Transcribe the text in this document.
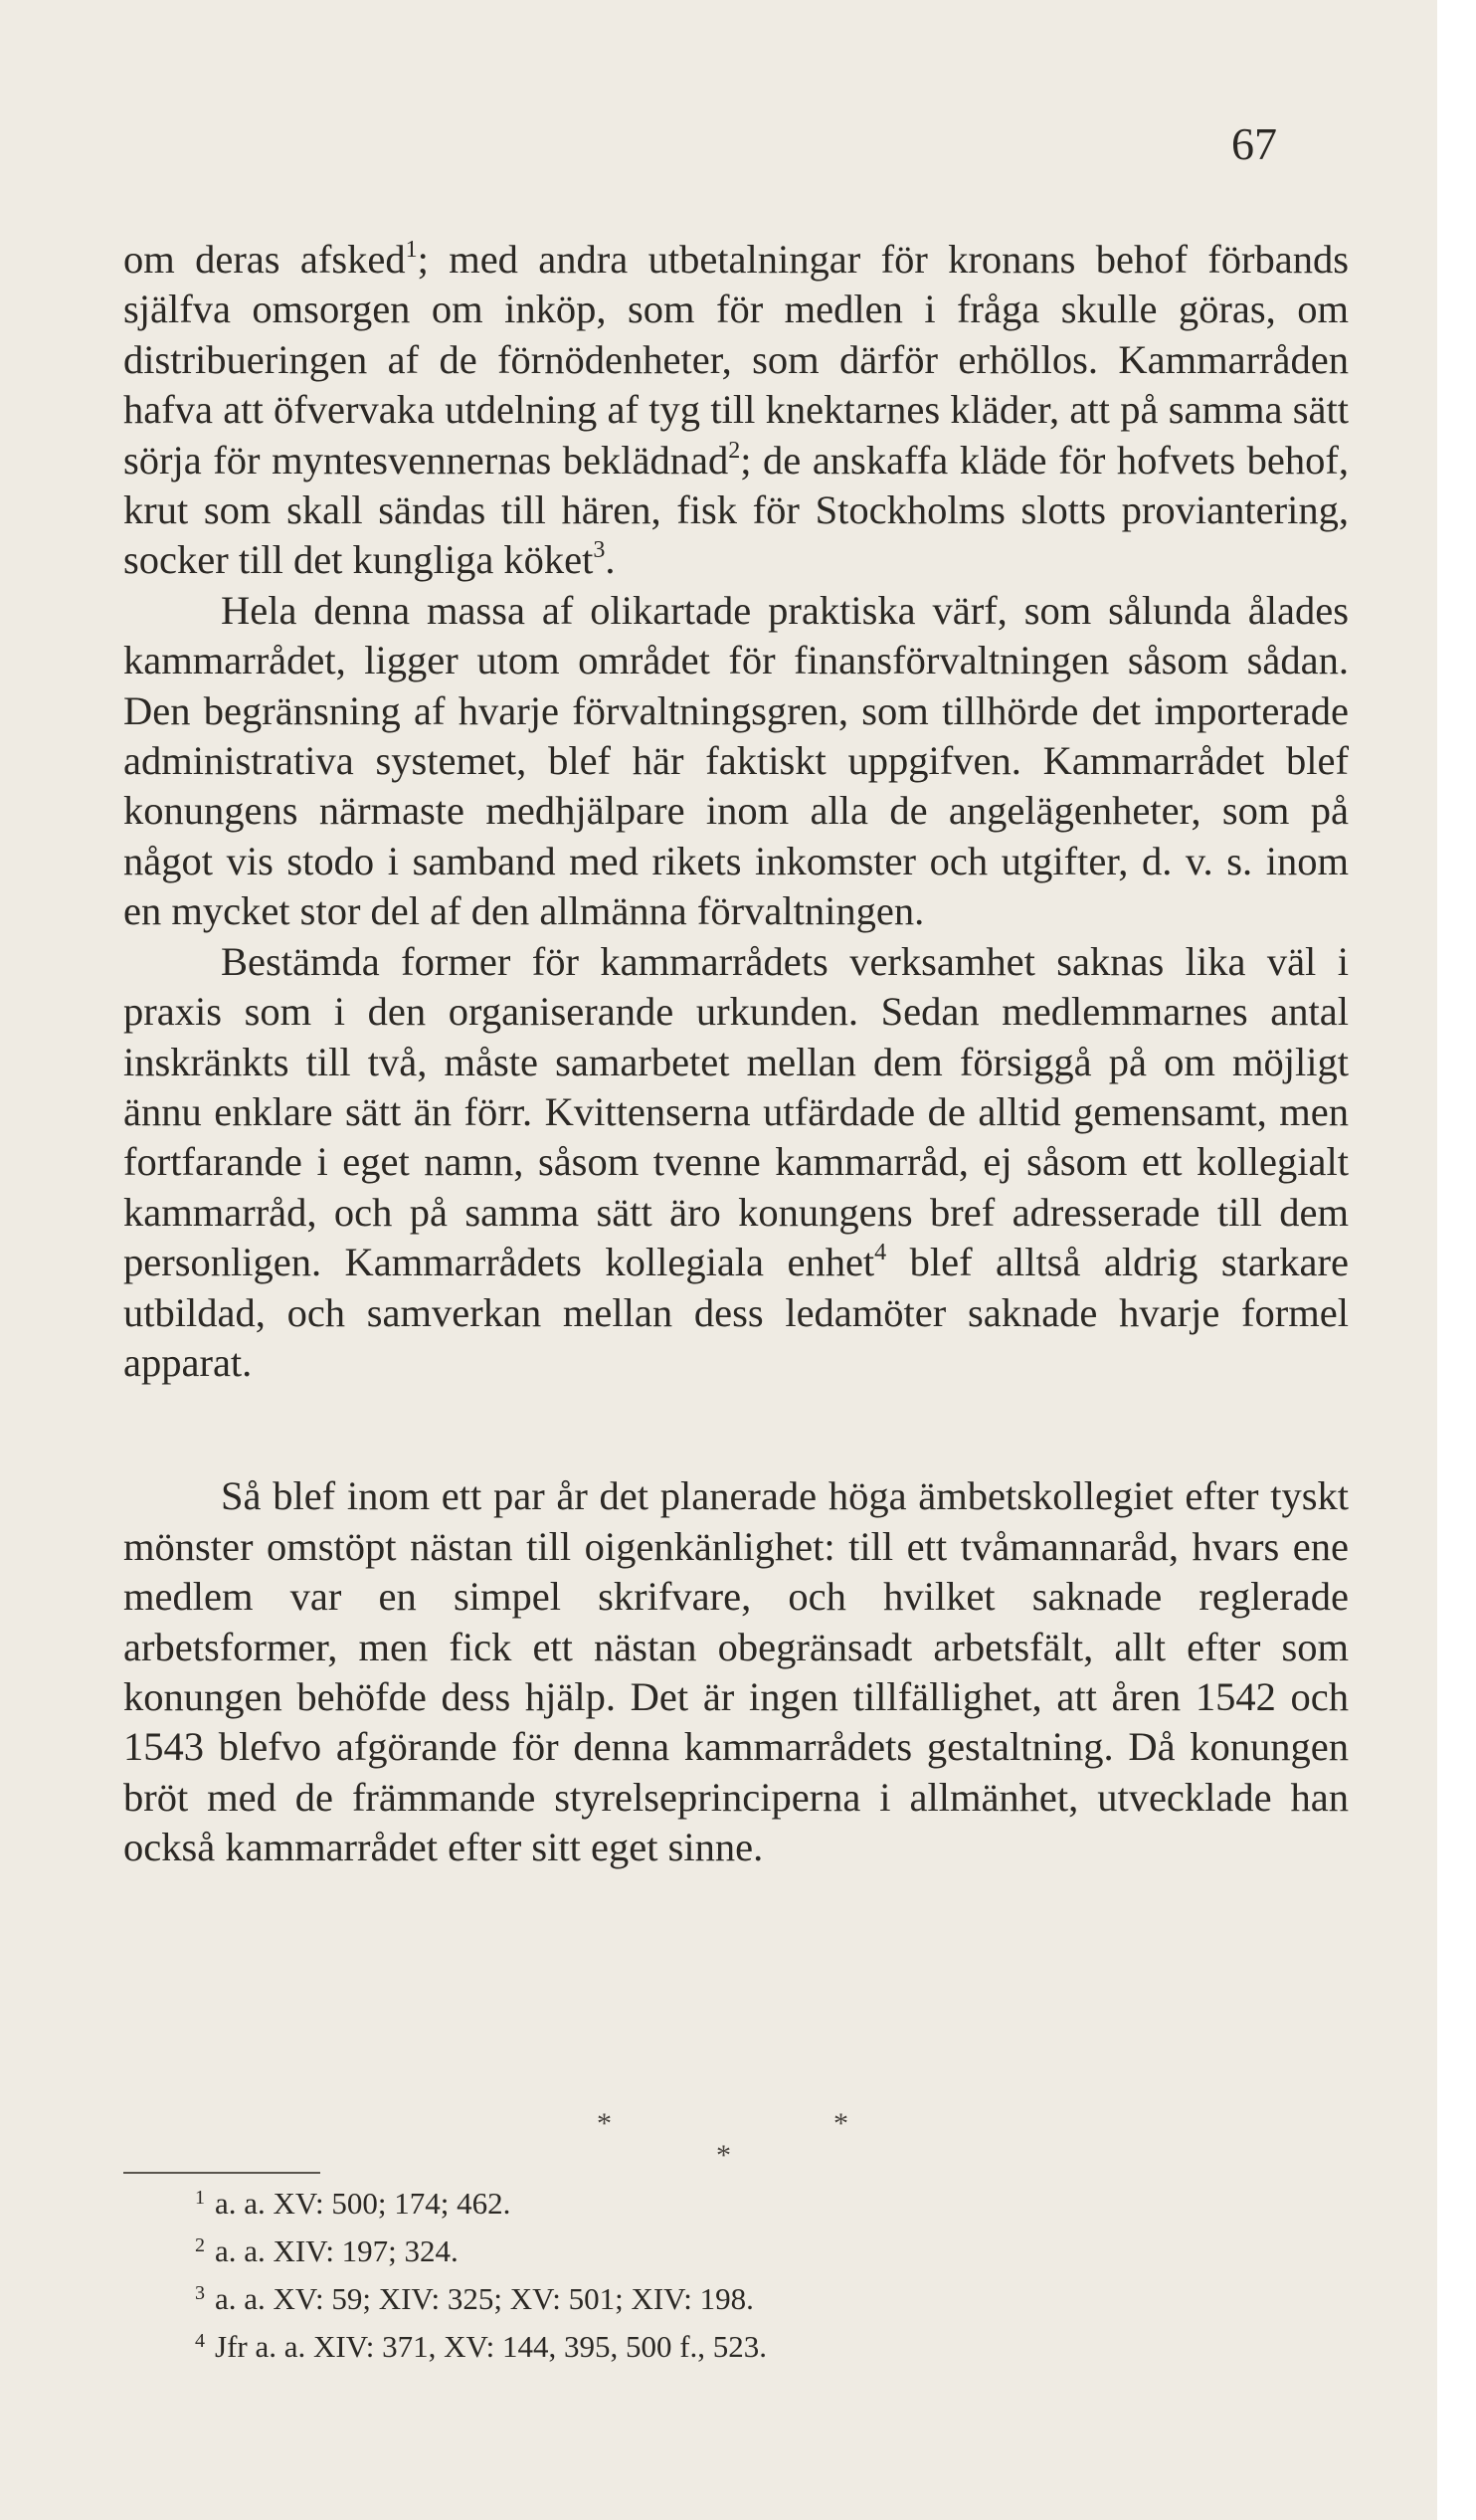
67

om deras afsked$^1$; med andra utbetalningar för kronans behof förbands själfva omsorgen om inköp, som för medlen i fråga skulle göras, om distribueringen af de förnödenheter, som därför erhöllos. Kammarråden hafva att öfvervaka utdelning af tyg till knektarnes kläder, att på samma sätt sörja för myntesvennernas beklädnad$^2$; de anskaffa kläde för hofvets behof, krut som skall sändas till hären, fisk för Stockholms slotts proviantering, socker till det kungliga köket$^3$.

Hela denna massa af olikartade praktiska värf, som sålunda ålades kammarrådet, ligger utom området för finansförvaltningen såsom sådan. Den begränsning af hvarje förvaltningsgren, som tillhörde det importerade administrativa systemet, blef här faktiskt uppgifven. Kammarrådet blef konungens närmaste medhjälpare inom alla de angelägenheter, som på något vis stodo i samband med rikets inkomster och utgifter, d. v. s. inom en mycket stor del af den allmänna förvaltningen.

Bestämda former för kammarrådets verksamhet saknas lika väl i praxis som i den organiserande urkunden. Sedan medlemmarnes antal inskränkts till två, måste samarbetet mellan dem försiggå på om möjligt ännu enklare sätt än förr. Kvittenserna utfärdade de alltid gemensamt, men fortfarande i eget namn, såsom tvenne kammarråd, ej såsom ett kollegialt kammarråd, och på samma sätt äro konungens bref adresserade till dem personligen. Kammarrådets kollegiala enhet$^4$ blef alltså aldrig starkare utbildad, och samverkan mellan dess ledamöter saknade hvarje formel apparat.

Så blef inom ett par år det planerade höga ämbetskollegiet efter tyskt mönster omstöpt nästan till oigenkänlighet: till ett tvåmannaråd, hvars ene medlem var en simpel skrifvare, och hvilket saknade reglerade arbetsformer, men fick ett nästan obegränsadt arbetsfält, allt efter som konungen behöfde dess hjälp. Det är ingen tillfällighet, att åren 1542 och 1543 blefvo afgörande för denna kammarrådets gestaltning. Då konungen bröt med de främmande styrelseprinciperna i allmänhet, utvecklade han också kammarrådet efter sitt eget sinne.

*	*
*
$^1$ a. a. XV: 500; 174; 462.
$^2$ a. a. XIV: 197; 324.
$^3$ a. a. XV: 59; XIV: 325; XV: 501; XIV: 198.
$^4$ Jfr a. a. XIV: 371, XV: 144, 395, 500 f., 523.
